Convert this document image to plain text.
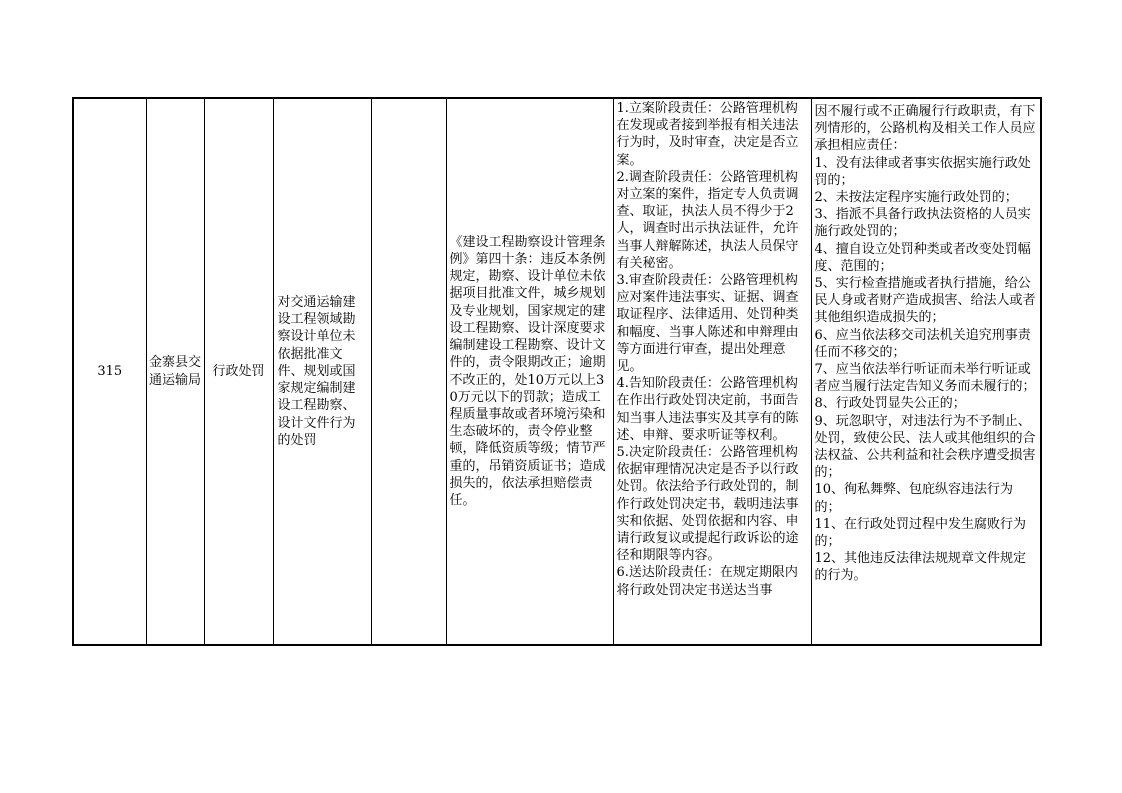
315

金寨县交通运输局

行政处罚

对交通运输建设工程领域勘察设计单位未依据批准文件、规划或国家规定编制建设工程勘察、设计文件行为的处罚

《建设工程勘察设计管理条例》第四十条：违反本条例规定，勘察、设计单位未依据项目批准文件，城乡规划及专业规划，国家规定的建设工程勘察、设计深度要求编制建设工程勘察、设计文件的，责令限期改正；逾期不改正的，处10万元以上30万元以下的罚款；造成工程质量事故或者环境污染和生态破坏的，责令停业整顿，降低资质等级；情节严重的，吊销资质证书；造成损失的，依法承担赔偿责任。

1.立案阶段责任：公路管理机构在发现或者接到举报有相关违法行为时，及时审查，决定是否立案。
2.调查阶段责任：公路管理机构对立案的案件，指定专人负责调查、取证，执法人员不得少于2人，调查时出示执法证件，允许当事人辩解陈述，执法人员保守有关秘密。
3.审查阶段责任：公路管理机构应对案件违法事实、证据、调查取证程序、法律适用、处罚种类和幅度、当事人陈述和申辩理由等方面进行审查，提出处理意见。
4.告知阶段责任：公路管理机构在作出行政处罚决定前，书面告知当事人违法事实及其享有的陈述、申辩、要求听证等权利。
5.决定阶段责任：公路管理机构依据审理情况决定是否予以行政处罚。依法给予行政处罚的，制作行政处罚决定书，载明违法事实和依据、处罚依据和内容、申请行政复议或提起行政诉讼的途径和期限等内容。
6.送达阶段责任：在规定期限内将行政处罚决定书送达当事

因不履行或不正确履行行政职责，有下列情形的，公路机构及相关工作人员应承担相应责任：
1、没有法律或者事实依据实施行政处罚的；
2、未按法定程序实施行政处罚的；
3、指派不具备行政执法资格的人员实施行政处罚的；
4、擅自设立处罚种类或者改变处罚幅度、范围的；
5、实行检查措施或者执行措施，给公民人身或者财产造成损害、给法人或者其他组织造成损失的；
6、应当依法移交司法机关追究刑事责任而不移交的；
7、应当依法举行听证而未举行听证或者应当履行法定告知义务而未履行的；
8、行政处罚显失公正的；
9、玩忽职守，对违法行为不予制止、处罚，致使公民、法人或其他组织的合法权益、公共利益和社会秩序遭受损害的；
10、徇私舞弊、包庇纵容违法行为的；
11、在行政处罚过程中发生腐败行为的；
12、其他违反法律法规规章文件规定的行为。
